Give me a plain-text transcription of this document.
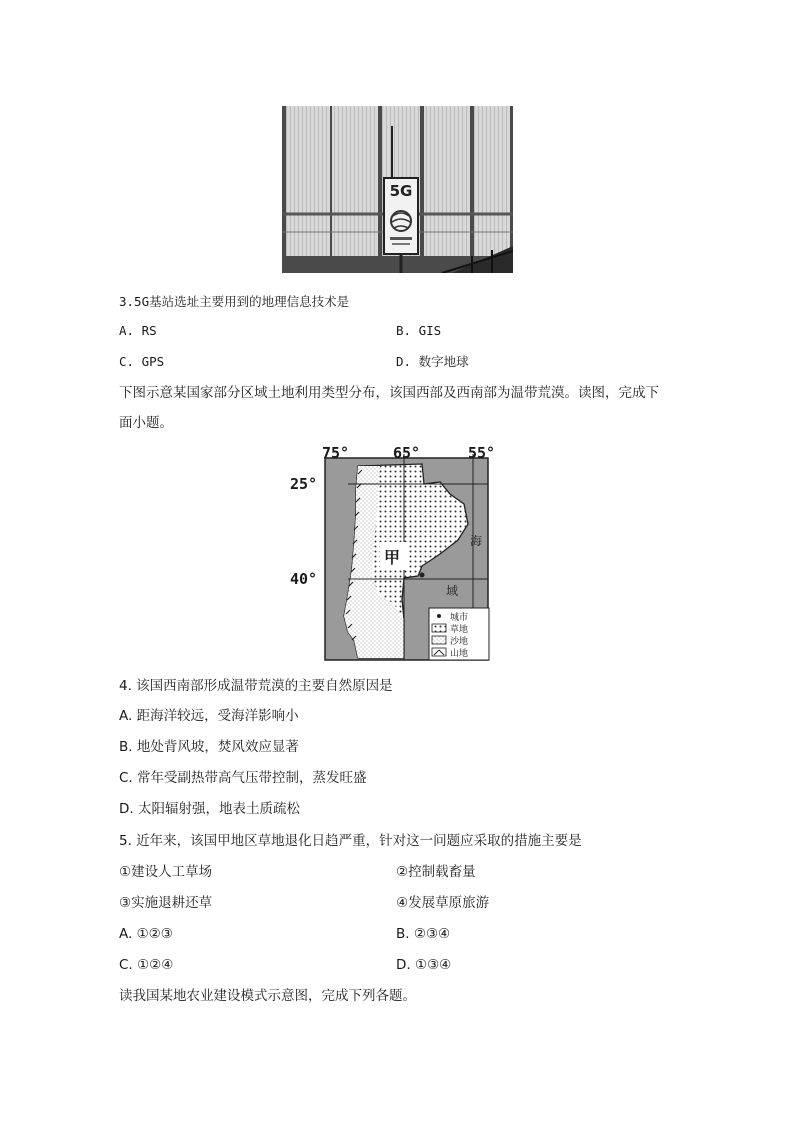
5G
3.5G基站选址主要用到的地理信息技术是
A. RS	B. GIS
C. GPS	D. 数字地球
下图示意某国家部分区域土地利用类型分布，该国西部及西南部为温带荒漠。读图，完成下
面小题。
75°	65°	55°
25°
40°
甲
海
域
城市
草地
沙地
山地
4. 该国西南部形成温带荒漠的主要自然原因是
A. 距海洋较远，受海洋影响小
B. 地处背风坡，焚风效应显著
C. 常年受副热带高气压带控制，蒸发旺盛
D. 太阳辐射强，地表土质疏松
5. 近年来，该国甲地区草地退化日趋严重，针对这一问题应采取的措施主要是
①建设人工草场	②控制载畜量
③实施退耕还草	④发展草原旅游
A. ①②③	B. ②③④
C. ①②④	D. ①③④
读我国某地农业建设模式示意图，完成下列各题。
